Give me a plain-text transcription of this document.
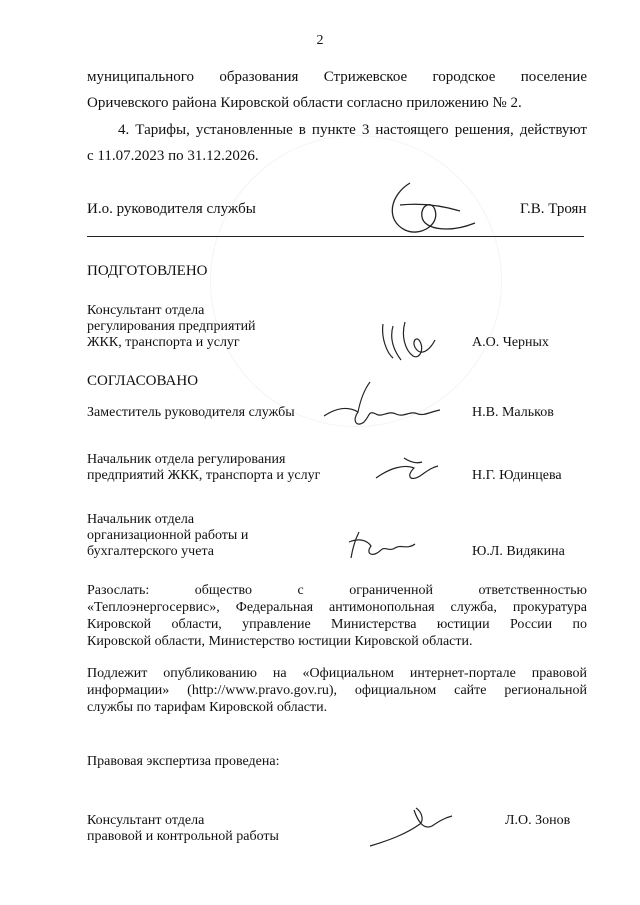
2
муниципального образования Стрижевское городское поселение
Оричевского района Кировской области согласно приложению № 2.
4. Тарифы, установленные в пункте 3 настоящего решения, действуют
с 11.07.2023 по 31.12.2026.
И.о. руководителя службы	Г.В. Троян
ПОДГОТОВЛЕНО
Консультант отдела
регулирования предприятий
ЖКК, транспорта и услуг	А.О. Черных
СОГЛАСОВАНО
Заместитель руководителя службы	Н.В. Мальков
Начальник отдела регулирования
предприятий ЖКК, транспорта и услуг	Н.Г. Юдинцева
Начальник отдела
организационной работы и
бухгалтерского учета	Ю.Л. Видякина
Разослать: общество с ограниченной ответственностью
«Теплоэнергосервис», Федеральная антимонопольная служба, прокуратура
Кировской области, управление Министерства юстиции России по
Кировской области, Министерство юстиции Кировской области.
Подлежит опубликованию на «Официальном интернет-портале правовой
информации» (http://www.pravo.gov.ru), официальном сайте региональной
службы по тарифам Кировской области.
Правовая экспертиза проведена:
Консультант отдела
правовой и контрольной работы
Л.О. Зонов
